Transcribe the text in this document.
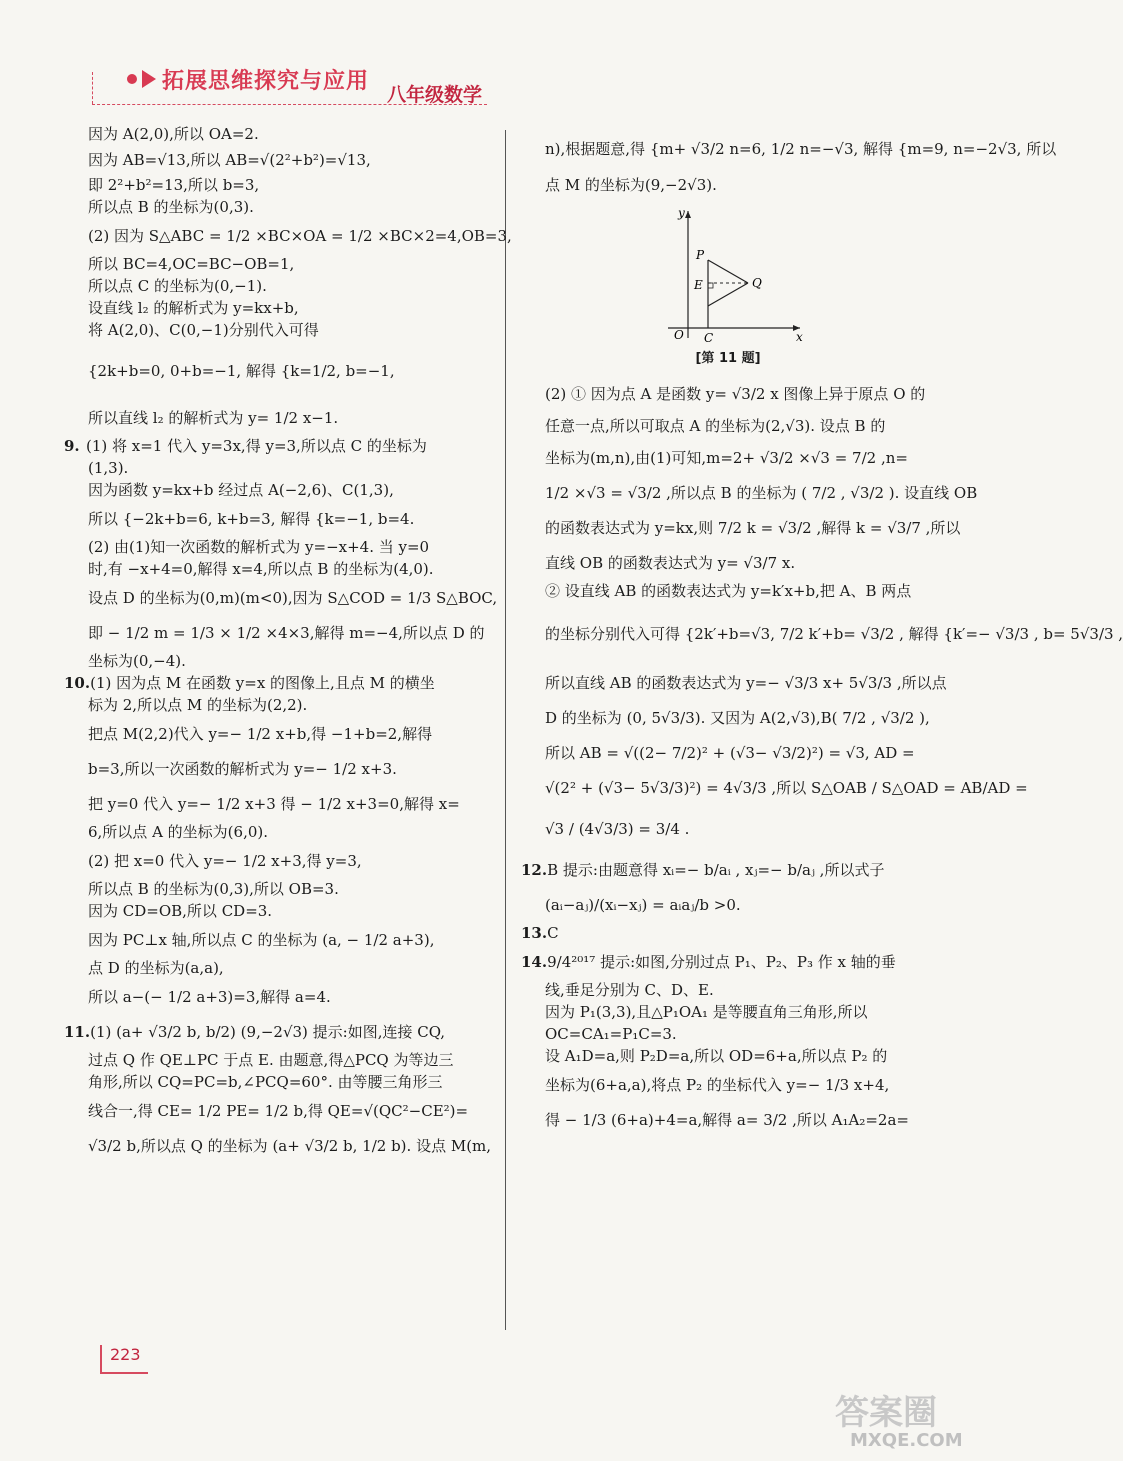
拓展思维探究与应用
八年级数学

因为 A(2,0),所以 OA=2.

因为 AB=√13,所以 AB=√(2²+b²)=√13,

即 2²+b²=13,所以 b=3,

所以点 B 的坐标为(0,3).

(2) 因为 S△ABC = 1/2 ×BC×OA = 1/2 ×BC×2=4,OB=3,

所以 BC=4,OC=BC−OB=1,

所以点 C 的坐标为(0,−1).

设直线 l₂ 的解析式为 y=kx+b,

将 A(2,0)、C(0,−1)分别代入可得

{2k+b=0, 0+b=−1, 解得 {k=1/2, b=−1,

所以直线 l₂ 的解析式为 y= 1/2 x−1.

9. (1) 将 x=1 代入 y=3x,得 y=3,所以点 C 的坐标为

(1,3).

因为函数 y=kx+b 经过点 A(−2,6)、C(1,3),

所以 {−2k+b=6, k+b=3, 解得 {k=−1, b=4.

(2) 由(1)知一次函数的解析式为 y=−x+4. 当 y=0

时,有 −x+4=0,解得 x=4,所以点 B 的坐标为(4,0).

设点 D 的坐标为(0,m)(m<0),因为 S△COD = 1/3 S△BOC,

即 − 1/2 m = 1/3 × 1/2 ×4×3,解得 m=−4,所以点 D 的

坐标为(0,−4).

10.(1) 因为点 M 在函数 y=x 的图像上,且点 M 的横坐

标为 2,所以点 M 的坐标为(2,2).

把点 M(2,2)代入 y=− 1/2 x+b,得 −1+b=2,解得

b=3,所以一次函数的解析式为 y=− 1/2 x+3.

把 y=0 代入 y=− 1/2 x+3 得 − 1/2 x+3=0,解得 x=

6,所以点 A 的坐标为(6,0).

(2) 把 x=0 代入 y=− 1/2 x+3,得 y=3,

所以点 B 的坐标为(0,3),所以 OB=3.

因为 CD=OB,所以 CD=3.

因为 PC⊥x 轴,所以点 C 的坐标为 (a, − 1/2 a+3),

点 D 的坐标为(a,a),

所以 a−(− 1/2 a+3)=3,解得 a=4.

11.(1) (a+ √3/2 b, b/2) (9,−2√3) 提示:如图,连接 CQ,

过点 Q 作 QE⊥PC 于点 E. 由题意,得△PCQ 为等边三

角形,所以 CQ=PC=b,∠PCQ=60°. 由等腰三角形三

线合一,得 CE= 1/2 PE= 1/2 b,得 QE=√(QC²−CE²)=

√3/2 b,所以点 Q 的坐标为 (a+ √3/2 b, 1/2 b). 设点 M(m,

n),根据题意,得 {m+ √3/2 n=6, 1/2 n=−√3, 解得 {m=9, n=−2√3, 所以

点 M 的坐标为(9,−2√3).

y
P
E	Q
O C	x
[第 11 题]

(2) ① 因为点 A 是函数 y= √3/2 x 图像上异于原点 O 的

任意一点,所以可取点 A 的坐标为(2,√3). 设点 B 的

坐标为(m,n),由(1)可知,m=2+ √3/2 ×√3 = 7/2 ,n=

1/2 ×√3 = √3/2 ,所以点 B 的坐标为 ( 7/2 , √3/2 ). 设直线 OB

的函数表达式为 y=kx,则 7/2 k = √3/2 ,解得 k = √3/7 ,所以

直线 OB 的函数表达式为 y= √3/7 x.

② 设直线 AB 的函数表达式为 y=k′x+b,把 A、B 两点

的坐标分别代入可得 {2k′+b=√3, 7/2 k′+b= √3/2 , 解得 {k′=− √3/3 , b= 5√3/3 ,

所以直线 AB 的函数表达式为 y=− √3/3 x+ 5√3/3 ,所以点

D 的坐标为 (0, 5√3/3). 又因为 A(2,√3),B( 7/2 , √3/2 ),

所以 AB = √((2− 7/2)² + (√3− √3/2)²) = √3, AD =

√(2² + (√3− 5√3/3)²) = 4√3/3 ,所以 S△OAB / S△OAD = AB/AD =

√3 / (4√3/3) = 3/4 .

12.B 提示:由题意得 xᵢ=− b/aᵢ , xⱼ=− b/aⱼ ,所以式子

(aᵢ−aⱼ)/(xᵢ−xⱼ) = aᵢaⱼ/b >0.

13.C

14.9/4²⁰¹⁷ 提示:如图,分别过点 P₁、P₂、P₃ 作 x 轴的垂

线,垂足分别为 C、D、E.

因为 P₁(3,3),且△P₁OA₁ 是等腰直角三角形,所以

OC=CA₁=P₁C=3.

设 A₁D=a,则 P₂D=a,所以 OD=6+a,所以点 P₂ 的

坐标为(6+a,a),将点 P₂ 的坐标代入 y=− 1/3 x+4,

得 − 1/3 (6+a)+4=a,解得 a= 3/2 ,所以 A₁A₂=2a=

223
答案圈
MXQE.COM
